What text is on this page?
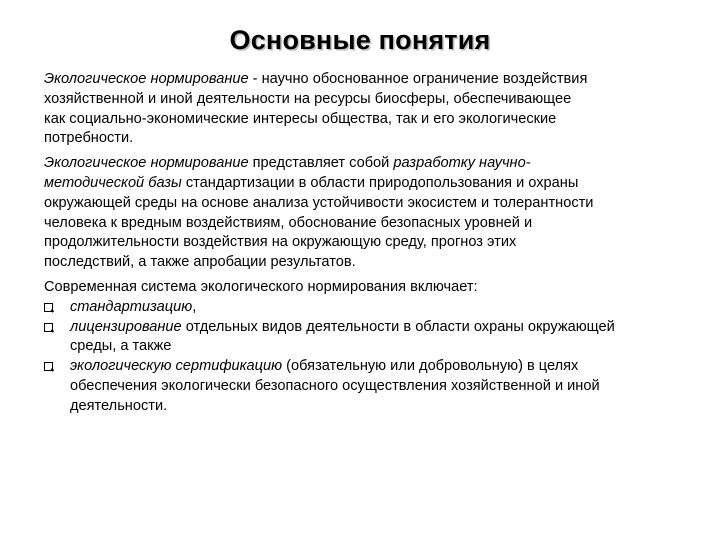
Основные понятия
Экологическое нормирование - научно обоснованное ограничение воздействия
хозяйственной и иной деятельности на ресурсы биосферы, обеспечивающее
как социально-экономические интересы общества, так и его экологические
потребности.
Экологическое нормирование представляет собой разработку научно-
методической базы стандартизации в области природопользования и охраны
окружающей среды на основе анализа устойчивости экосистем и толерантности
человека к вредным воздействиям, обоснование безопасных уровней и
продолжительности воздействия на окружающую среду, прогноз этих
последствий, а также апробации результатов.
Современная система экологического нормирования включает:
стандартизацию,
лицензирование отдельных видов деятельности в области охраны окружающей
среды, а также
экологическую сертификацию (обязательную или добровольную) в целях
обеспечения экологически безопасного осуществления хозяйственной и иной
деятельности.
